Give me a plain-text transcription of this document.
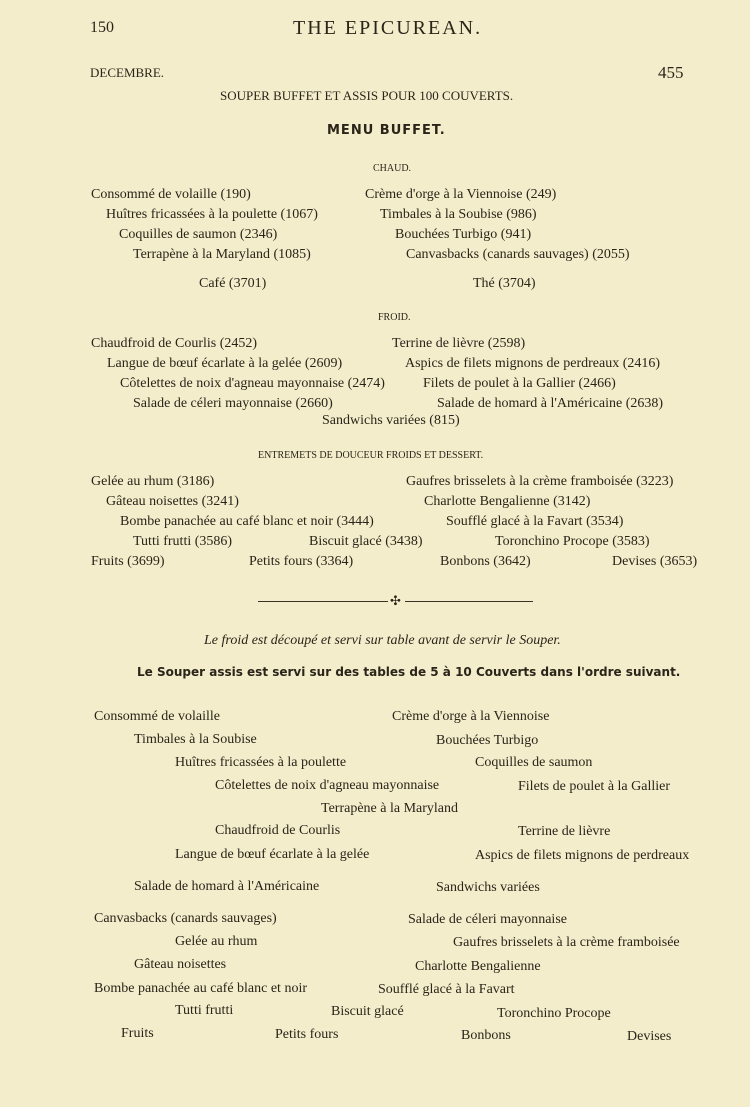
150	THE EPICUREAN.
DECEMBRE.	455
SOUPER BUFFET ET ASSIS POUR 100 COUVERTS.
MENU BUFFET.
CHAUD.
Consommé de volaille (190)	Crème d'orge à la Viennoise (249)
Huîtres fricassées à la poulette (1067)	Timbales à la Soubise (986)
Coquilles de saumon (2346)	Bouchées Turbigo (941)
Terrapène à la Maryland (1085)	Canvasbacks (canards sauvages) (2055)
Café (3701)	Thé (3704)
FROID.
Chaudfroid de Courlis (2452)	Terrine de lièvre (2598)
Langue de bœuf écarlate à la gelée (2609)	Aspics de filets mignons de perdreaux (2416)
Côtelettes de noix d'agneau mayonnaise (2474)	Filets de poulet à la Gallier (2466)
Salade de céleri mayonnaise (2660)	Salade de homard à l'Américaine (2638)
Sandwichs variées (815)
ENTREMETS DE DOUCEUR FROIDS ET DESSERT.
Gelée au rhum (3186)	Gaufres brisselets à la crème framboisée (3223)
Gâteau noisettes (3241)	Charlotte Bengalienne (3142)
Bombe panachée au café blanc et noir (3444)	Soufflé glacé à la Favart (3534)
Tutti frutti (3586)	Biscuit glacé (3438)	Toronchino Procope (3583)
Fruits (3699)	Petits fours (3364)	Bonbons (3642)	Devises (3653)
✣
Le froid est découpé et servi sur table avant de servir le Souper.
Le Souper assis est servi sur des tables de 5 à 10 Couverts dans l'ordre suivant.
Consommé de volaille	Crème d'orge à la Viennoise
Timbales à la Soubise	Bouchées Turbigo
Huîtres fricassées à la poulette	Coquilles de saumon
Côtelettes de noix d'agneau mayonnaise	Filets de poulet à la Gallier
Terrapène à la Maryland
Chaudfroid de Courlis	Terrine de lièvre
Langue de bœuf écarlate à la gelée	Aspics de filets mignons de perdreaux
Salade de homard à l'Américaine	Sandwichs variées
Canvasbacks (canards sauvages)	Salade de céleri mayonnaise
Gelée au rhum	Gaufres brisselets à la crème framboisée
Gâteau noisettes	Charlotte Bengalienne
Bombe panachée au café blanc et noir	Soufflé glacé à la Favart
Tutti frutti	Biscuit glacé	Toronchino Procope
Fruits	Petits fours	Bonbons	Devises
